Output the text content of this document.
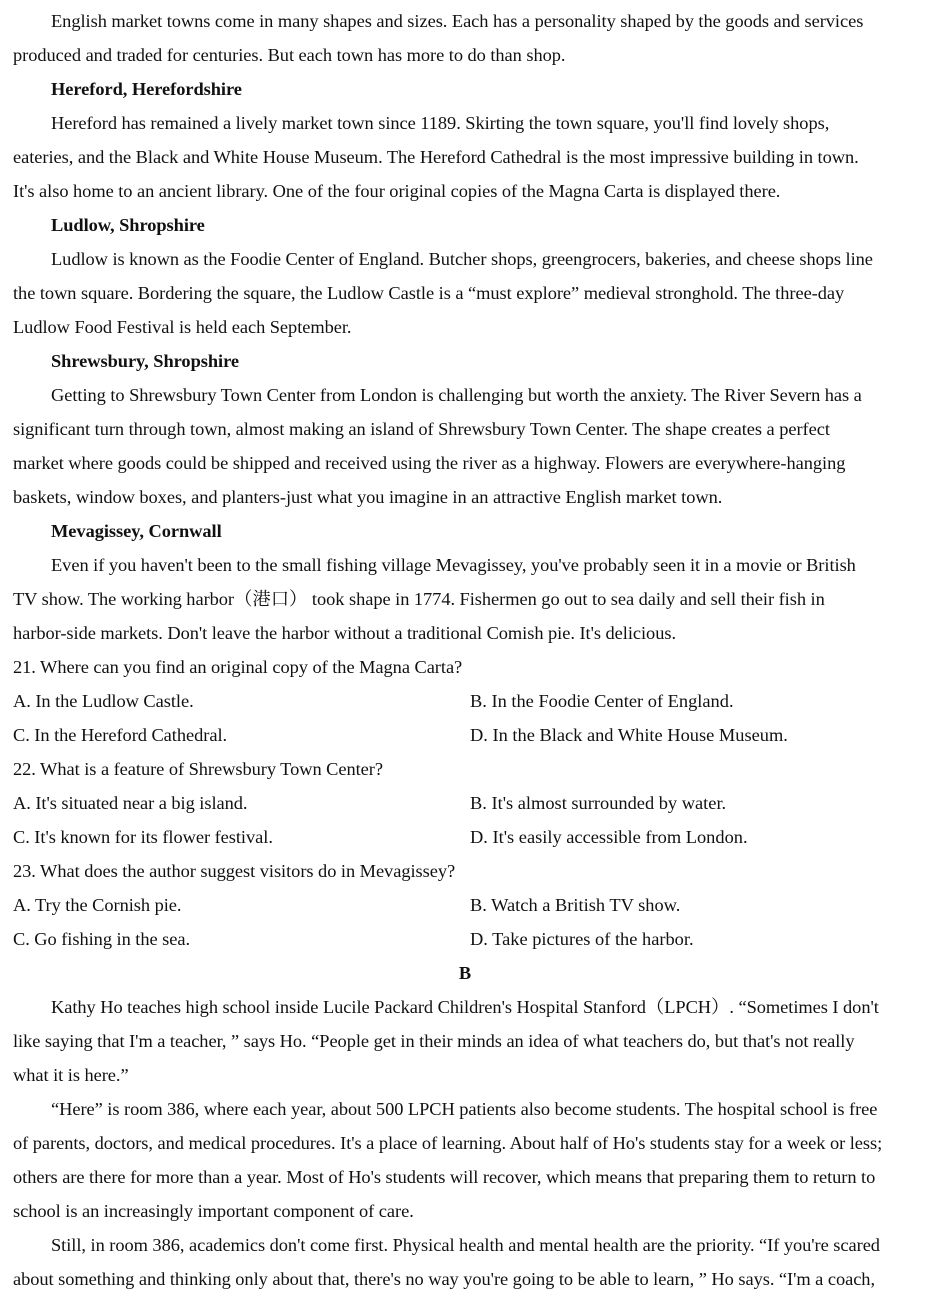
English market towns come in many shapes and sizes. Each has a personality shaped by the goods and services
produced and traded for centuries. But each town has more to do than shop.
Hereford, Herefordshire
Hereford has remained a lively market town since 1189. Skirting the town square, you'll find lovely shops,
eateries, and the Black and White House Museum. The Hereford Cathedral is the most impressive building in town.
It's also home to an ancient library. One of the four original copies of the Magna Carta is displayed there.
Ludlow, Shropshire
Ludlow is known as the Foodie Center of England. Butcher shops, greengrocers, bakeries, and cheese shops line
the town square. Bordering the square, the Ludlow Castle is a “must explore” medieval stronghold. The three-day
Ludlow Food Festival is held each September.
Shrewsbury, Shropshire
Getting to Shrewsbury Town Center from London is challenging but worth the anxiety. The River Severn has a
significant turn through town, almost making an island of Shrewsbury Town Center. The shape creates a perfect
market where goods could be shipped and received using the river as a highway. Flowers are everywhere-hanging
baskets, window boxes, and planters-just what you imagine in an attractive English market town.
Mevagissey, Cornwall
Even if you haven't been to the small fishing village Mevagissey, you've probably seen it in a movie or British
TV show. The working harbor（港口） took shape in 1774. Fishermen go out to sea daily and sell their fish in
harbor-side markets. Don't leave the harbor without a traditional Comish pie. It's delicious.
21. Where can you find an original copy of the Magna Carta?
A. In the Ludlow Castle.	B. In the Foodie Center of England.
C. In the Hereford Cathedral.	D. In the Black and White House Museum.
22. What is a feature of Shrewsbury Town Center?
A. It's situated near a big island.	B. It's almost surrounded by water.
C. It's known for its flower festival.	D. It's easily accessible from London.
23. What does the author suggest visitors do in Mevagissey?
A. Try the Cornish pie.	B. Watch a British TV show.
C. Go fishing in the sea.	D. Take pictures of the harbor.
B
Kathy Ho teaches high school inside Lucile Packard Children's Hospital Stanford（LPCH）. “Sometimes I don't
like saying that I'm a teacher, ” says Ho. “People get in their minds an idea of what teachers do, but that's not really
what it is here.”
“Here” is room 386, where each year, about 500 LPCH patients also become students. The hospital school is free
of parents, doctors, and medical procedures. It's a place of learning. About half of Ho's students stay for a week or less;
others are there for more than a year. Most of Ho's students will recover, which means that preparing them to return to
school is an increasingly important component of care.
Still, in room 386, academics don't come first. Physical health and mental health are the priority. “If you're scared
about something and thinking only about that, there's no way you're going to be able to learn, ” Ho says. “I'm a coach,
